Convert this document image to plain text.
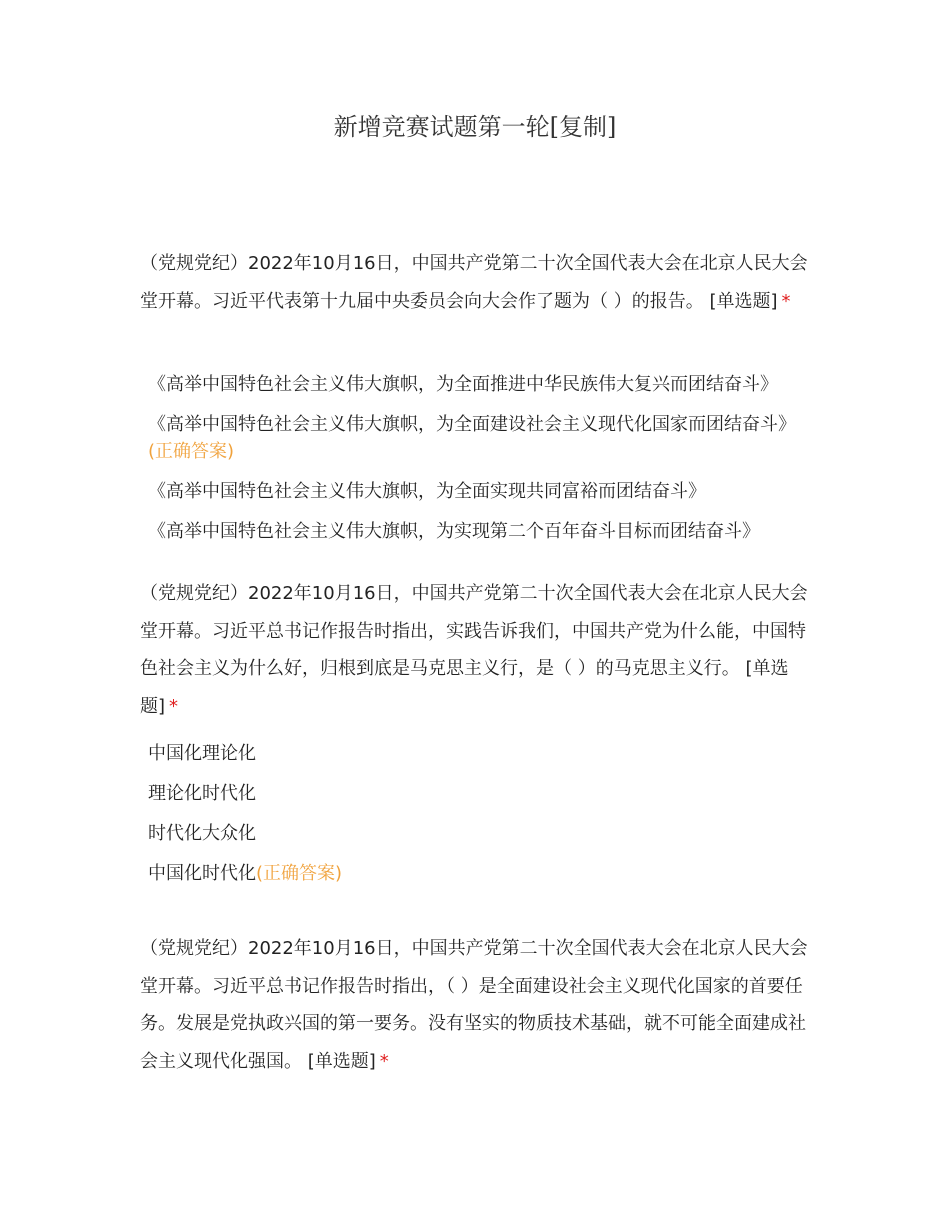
新增竞赛试题第一轮[复制]
（党规党纪）2022年10月16日，中国共产党第二十次全国代表大会在北京人民大会堂开幕。习近平代表第十九届中央委员会向大会作了题为（ ）的报告。 [单选题] *
《高举中国特色社会主义伟大旗帜，为全面推进中华民族伟大复兴而团结奋斗》
《高举中国特色社会主义伟大旗帜，为全面建设社会主义现代化国家而团结奋斗》(正确答案)
《高举中国特色社会主义伟大旗帜，为全面实现共同富裕而团结奋斗》
《高举中国特色社会主义伟大旗帜，为实现第二个百年奋斗目标而团结奋斗》
（党规党纪）2022年10月16日，中国共产党第二十次全国代表大会在北京人民大会堂开幕。习近平总书记作报告时指出，实践告诉我们，中国共产党为什么能，中国特色社会主义为什么好，归根到底是马克思主义行，是（ ）的马克思主义行。 [单选题] *
中国化理论化
理论化时代化
时代化大众化
中国化时代化(正确答案)
（党规党纪）2022年10月16日，中国共产党第二十次全国代表大会在北京人民大会堂开幕。习近平总书记作报告时指出，（ ）是全面建设社会主义现代化国家的首要任务。发展是党执政兴国的第一要务。没有坚实的物质技术基础，就不可能全面建成社会主义现代化强国。 [单选题] *
